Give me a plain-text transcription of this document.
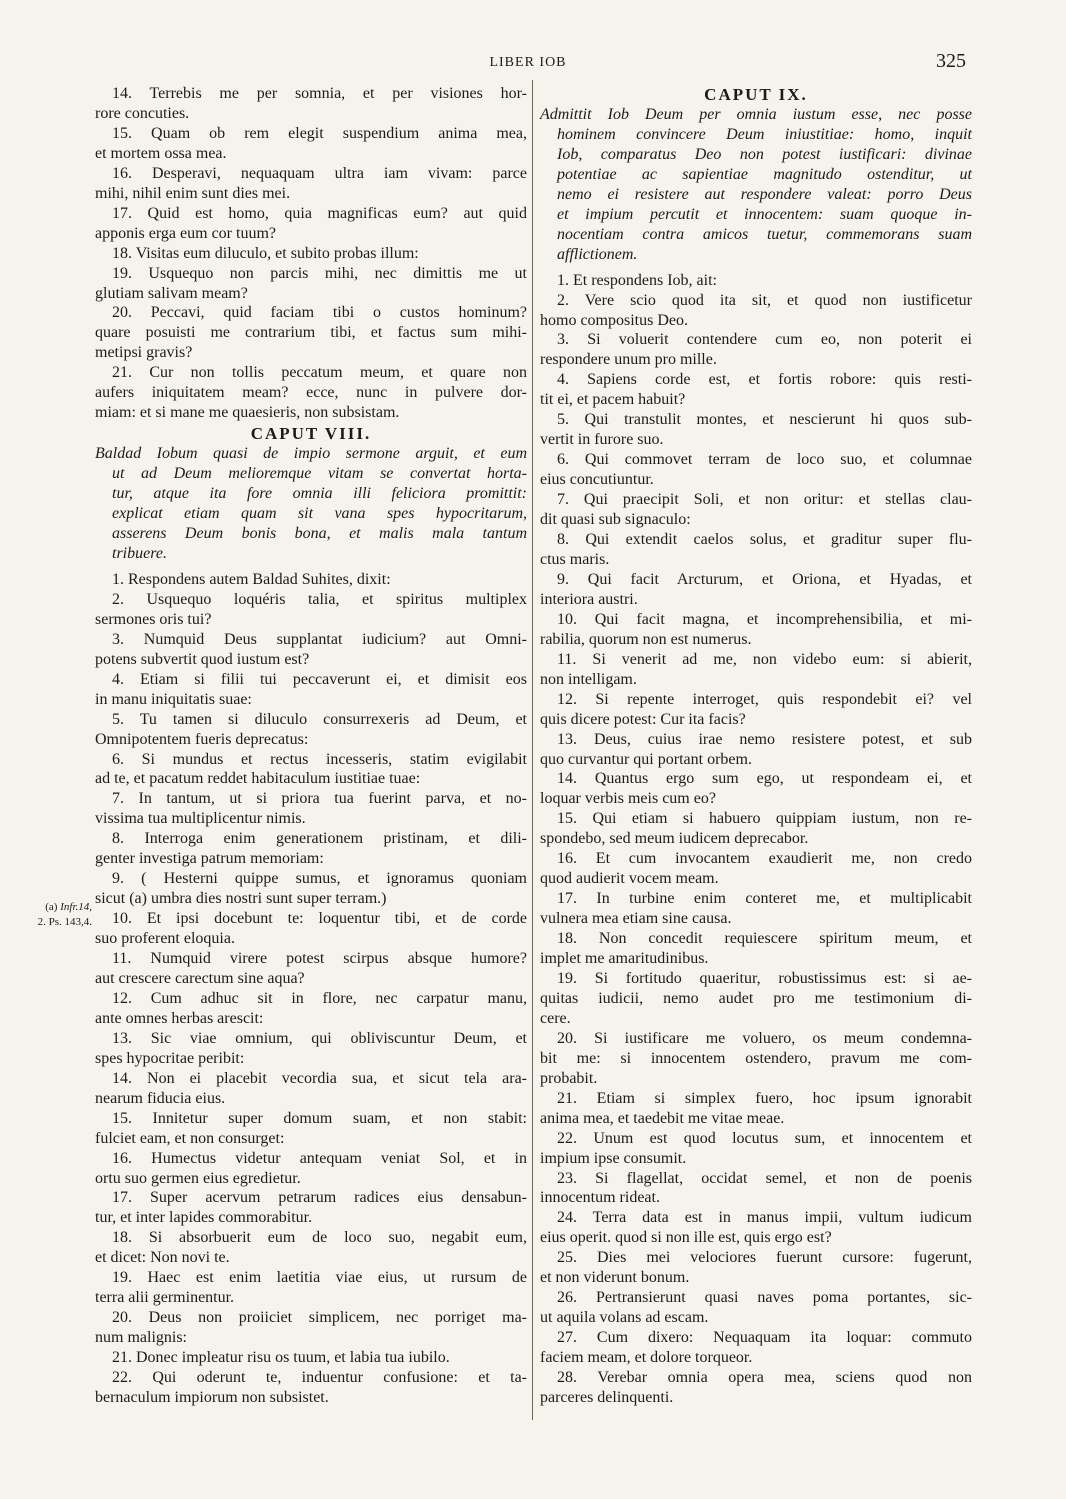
LIBER IOB	325
(a) Infr.14,
2. Ps. 143,4.
14. Terrebis me per somnia, et per visiones hor-
rore concuties.
15. Quam ob rem elegit suspendium anima mea,
et mortem ossa mea.
16. Desperavi, nequaquam ultra iam vivam: parce
mihi, nihil enim sunt dies mei.
17. Quid est homo, quia magnificas eum? aut quid
apponis erga eum cor tuum?
18. Visitas eum diluculo, et subito probas illum:
19. Usquequo non parcis mihi, nec dimittis me ut
glutiam salivam meam?
20. Peccavi, quid faciam tibi o custos hominum?
quare posuisti me contrarium tibi, et factus sum mihi-
metipsi gravis?
21. Cur non tollis peccatum meum, et quare non
aufers iniquitatem meam? ecce, nunc in pulvere dor-
miam: et si mane me quaesieris, non subsistam.
CAPUT VIII.
Baldad Iobum quasi de impio sermone arguit, et eum
ut ad Deum melioremque vitam se convertat horta-
tur, atque ita fore omnia illi feliciora promittit:
explicat etiam quam sit vana spes hypocritarum,
asserens Deum bonis bona, et malis mala tantum
tribuere.
1. Respondens autem Baldad Suhites, dixit:
2. Usquequo loquéris talia, et spiritus multiplex
sermones oris tui?
3. Numquid Deus supplantat iudicium? aut Omni-
potens subvertit quod iustum est?
4. Etiam si filii tui peccaverunt ei, et dimisit eos
in manu iniquitatis suae:
5. Tu tamen si diluculo consurrexeris ad Deum, et
Omnipotentem fueris deprecatus:
6. Si mundus et rectus incesseris, statim evigilabit
ad te, et pacatum reddet habitaculum iustitiae tuae:
7. In tantum, ut si priora tua fuerint parva, et no-
vissima tua multiplicentur nimis.
8. Interroga enim generationem pristinam, et dili-
genter investiga patrum memoriam:
9. ( Hesterni quippe sumus, et ignoramus quoniam
sicut (a) umbra dies nostri sunt super terram.)
10. Et ipsi docebunt te: loquentur tibi, et de corde
suo proferent eloquia.
11. Numquid virere potest scirpus absque humore?
aut crescere carectum sine aqua?
12. Cum adhuc sit in flore, nec carpatur manu,
ante omnes herbas arescit:
13. Sic viae omnium, qui obliviscuntur Deum, et
spes hypocritae peribit:
14. Non ei placebit vecordia sua, et sicut tela ara-
nearum fiducia eius.
15. Innitetur super domum suam, et non stabit:
fulciet eam, et non consurget:
16. Humectus videtur antequam veniat Sol, et in
ortu suo germen eius egredietur.
17. Super acervum petrarum radices eius densabun-
tur, et inter lapides commorabitur.
18. Si absorbuerit eum de loco suo, negabit eum,
et dicet: Non novi te.
19. Haec est enim laetitia viae eius, ut rursum de
terra alii germinentur.
20. Deus non proiiciet simplicem, nec porriget ma-
num malignis:
21. Donec impleatur risu os tuum, et labia tua iubilo.
22. Qui oderunt te, induentur confusione: et ta-
bernaculum impiorum non subsistet.
CAPUT IX.
Admittit Iob Deum per omnia iustum esse, nec posse
hominem convincere Deum iniustitiae: homo, inquit
Iob, comparatus Deo non potest iustificari: divinae
potentiae ac sapientiae magnitudo ostenditur, ut
nemo ei resistere aut respondere valeat: porro Deus
et impium percutit et innocentem: suam quoque in-
nocentiam contra amicos tuetur, commemorans suam
afflictionem.
1. Et respondens Iob, ait:
2. Vere scio quod ita sit, et quod non iustificetur
homo compositus Deo.
3. Si voluerit contendere cum eo, non poterit ei
respondere unum pro mille.
4. Sapiens corde est, et fortis robore: quis resti-
tit ei, et pacem habuit?
5. Qui transtulit montes, et nescierunt hi quos sub-
vertit in furore suo.
6. Qui commovet terram de loco suo, et columnae
eius concutiuntur.
7. Qui praecipit Soli, et non oritur: et stellas clau-
dit quasi sub signaculo:
8. Qui extendit caelos solus, et graditur super flu-
ctus maris.
9. Qui facit Arcturum, et Oriona, et Hyadas, et
interiora austri.
10. Qui facit magna, et incomprehensibilia, et mi-
rabilia, quorum non est numerus.
11. Si venerit ad me, non videbo eum: si abierit,
non intelligam.
12. Si repente interroget, quis respondebit ei? vel
quis dicere potest: Cur ita facis?
13. Deus, cuius irae nemo resistere potest, et sub
quo curvantur qui portant orbem.
14. Quantus ergo sum ego, ut respondeam ei, et
loquar verbis meis cum eo?
15. Qui etiam si habuero quippiam iustum, non re-
spondebo, sed meum iudicem deprecabor.
16. Et cum invocantem exaudierit me, non credo
quod audierit vocem meam.
17. In turbine enim conteret me, et multiplicabit
vulnera mea etiam sine causa.
18. Non concedit requiescere spiritum meum, et
implet me amaritudinibus.
19. Si fortitudo quaeritur, robustissimus est: si ae-
quitas iudicii, nemo audet pro me testimonium di-
cere.
20. Si iustificare me voluero, os meum condemna-
bit me: si innocentem ostendero, pravum me com-
probabit.
21. Etiam si simplex fuero, hoc ipsum ignorabit
anima mea, et taedebit me vitae meae.
22. Unum est quod locutus sum, et innocentem et
impium ipse consumit.
23. Si flagellat, occidat semel, et non de poenis
innocentum rideat.
24. Terra data est in manus impii, vultum iudicum
eius operit. quod si non ille est, quis ergo est?
25. Dies mei velociores fuerunt cursore: fugerunt,
et non viderunt bonum.
26. Pertransierunt quasi naves poma portantes, sic-
ut aquila volans ad escam.
27. Cum dixero: Nequaquam ita loquar: commuto
faciem meam, et dolore torqueor.
28. Verebar omnia opera mea, sciens quod non
parceres delinquenti.
